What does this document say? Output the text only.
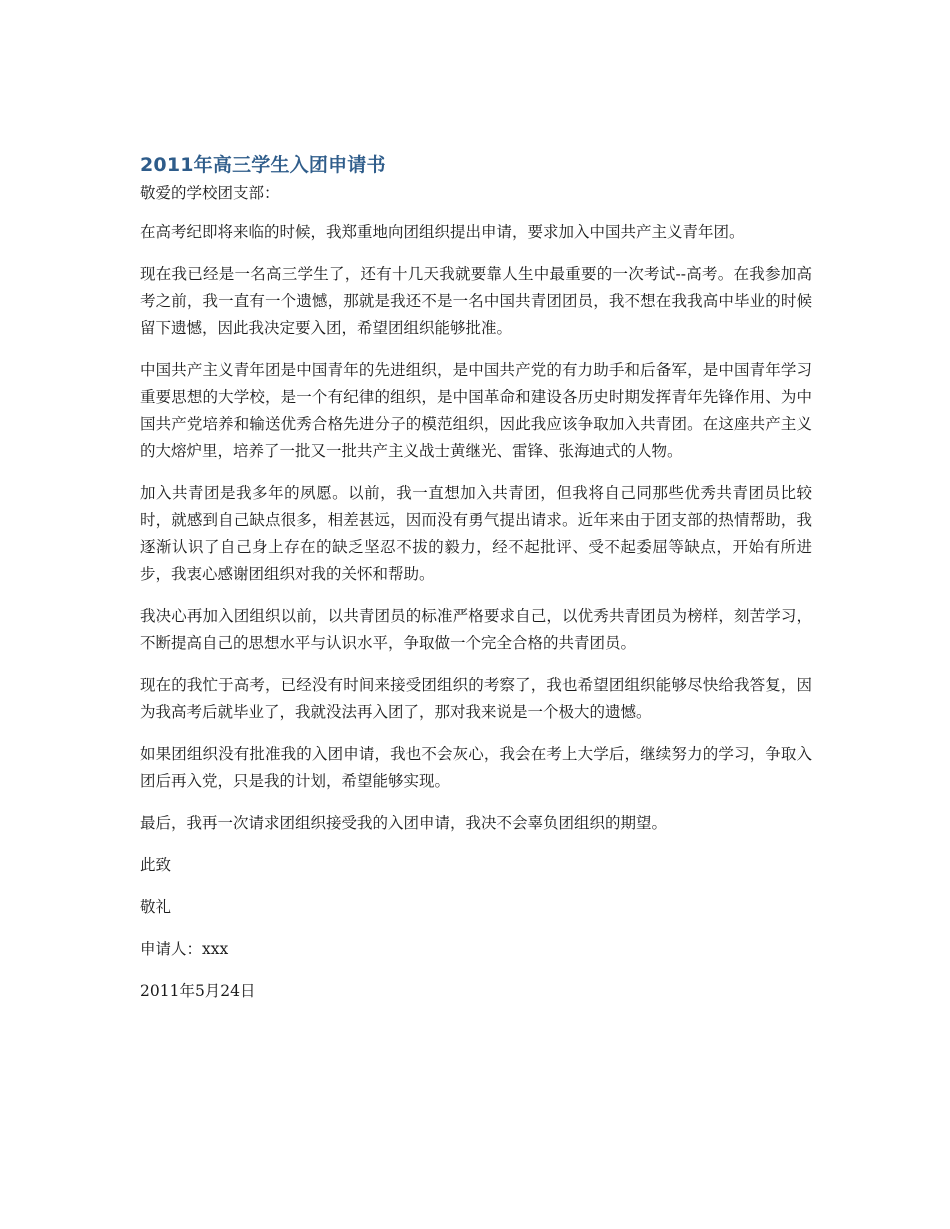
2011年高三学生入团申请书

敬爱的学校团支部：

在高考纪即将来临的时候，我郑重地向团组织提出申请，要求加入中国共产主义青年团。

现在我已经是一名高三学生了，还有十几天我就要靠人生中最重要的一次考试--高考。在我参加高考之前，我一直有一个遗憾，那就是我还不是一名中国共青团团员，我不想在我我高中毕业的时候留下遗憾，因此我决定要入团，希望团组织能够批准。

中国共产主义青年团是中国青年的先进组织，是中国共产党的有力助手和后备军，是中国青年学习重要思想的大学校，是一个有纪律的组织，是中国革命和建设各历史时期发挥青年先锋作用、为中国共产党培养和输送优秀合格先进分子的模范组织，因此我应该争取加入共青团。在这座共产主义的大熔炉里，培养了一批又一批共产主义战士黄继光、雷锋、张海迪式的人物。

加入共青团是我多年的夙愿。以前，我一直想加入共青团，但我将自己同那些优秀共青团员比较时，就感到自己缺点很多，相差甚远，因而没有勇气提出请求。近年来由于团支部的热情帮助，我逐渐认识了自己身上存在的缺乏坚忍不拔的毅力，经不起批评、受不起委屈等缺点，开始有所进步，我衷心感谢团组织对我的关怀和帮助。

我决心再加入团组织以前，以共青团员的标准严格要求自己，以优秀共青团员为榜样，刻苦学习，不断提高自己的思想水平与认识水平，争取做一个完全合格的共青团员。

现在的我忙于高考，已经没有时间来接受团组织的考察了，我也希望团组织能够尽快给我答复，因为我高考后就毕业了，我就没法再入团了，那对我来说是一个极大的遗憾。

如果团组织没有批准我的入团申请，我也不会灰心，我会在考上大学后，继续努力的学习，争取入团后再入党，只是我的计划，希望能够实现。

最后，我再一次请求团组织接受我的入团申请，我决不会辜负团组织的期望。

此致

敬礼

申请人：xxx

2011年5月24日
